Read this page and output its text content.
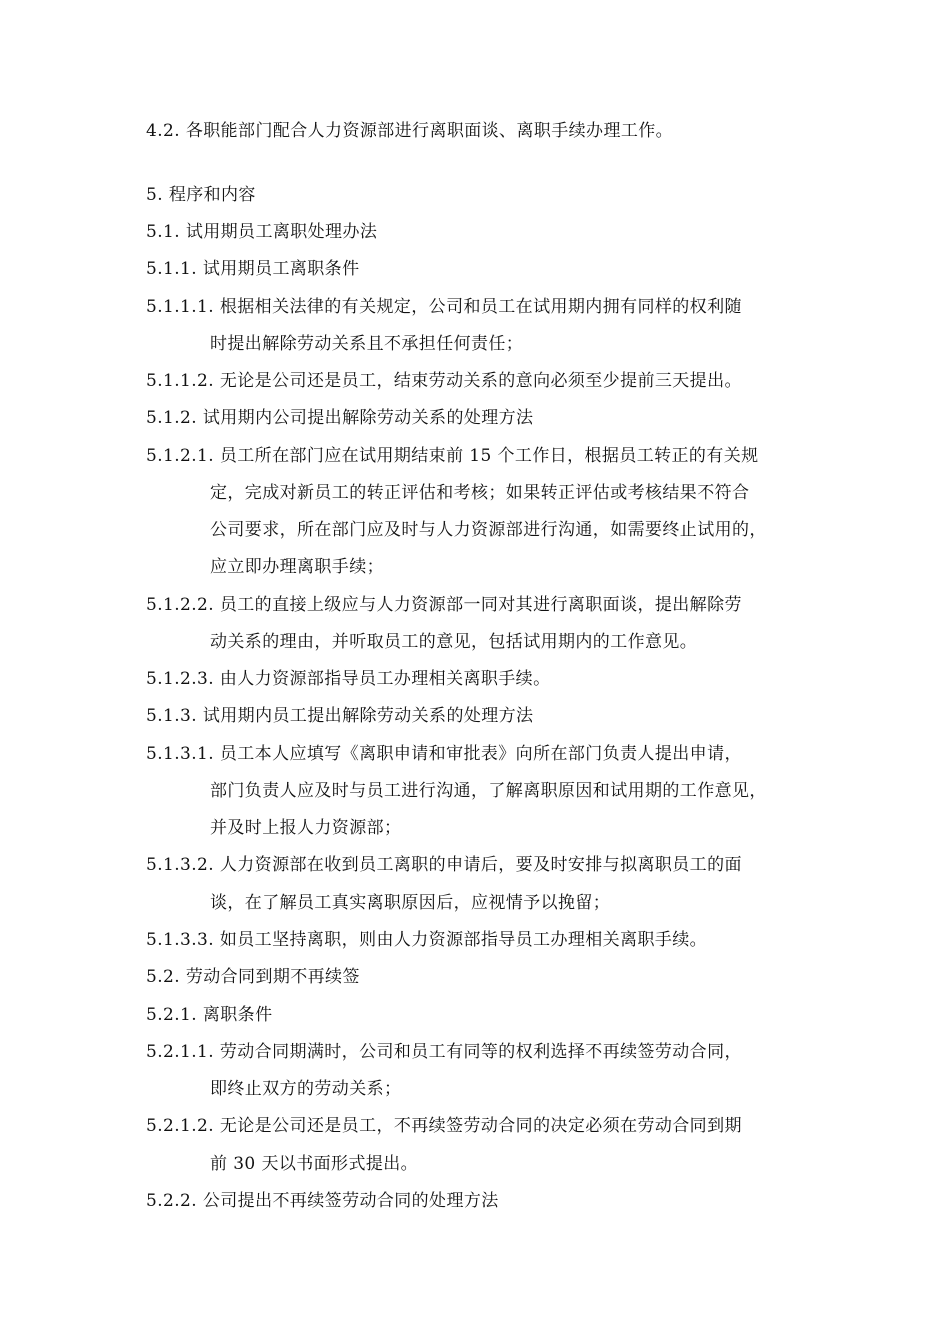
4.2. 各职能部门配合人力资源部进行离职面谈、离职手续办理工作。
5. 程序和内容
5.1. 试用期员工离职处理办法
5.1.1. 试用期员工离职条件
5.1.1.1. 根据相关法律的有关规定，公司和员工在试用期内拥有同样的权利随
时提出解除劳动关系且不承担任何责任；
5.1.1.2. 无论是公司还是员工，结束劳动关系的意向必须至少提前三天提出。
5.1.2. 试用期内公司提出解除劳动关系的处理方法
5.1.2.1. 员工所在部门应在试用期结束前 15 个工作日，根据员工转正的有关规
定，完成对新员工的转正评估和考核；如果转正评估或考核结果不符合
公司要求，所在部门应及时与人力资源部进行沟通，如需要终止试用的，
应立即办理离职手续；
5.1.2.2. 员工的直接上级应与人力资源部一同对其进行离职面谈，提出解除劳
动关系的理由，并听取员工的意见，包括试用期内的工作意见。
5.1.2.3. 由人力资源部指导员工办理相关离职手续。
5.1.3. 试用期内员工提出解除劳动关系的处理方法
5.1.3.1. 员工本人应填写《离职申请和审批表》向所在部门负责人提出申请，
部门负责人应及时与员工进行沟通，了解离职原因和试用期的工作意见，
并及时上报人力资源部；
5.1.3.2. 人力资源部在收到员工离职的申请后，要及时安排与拟离职员工的面
谈，在了解员工真实离职原因后，应视情予以挽留；
5.1.3.3. 如员工坚持离职，则由人力资源部指导员工办理相关离职手续。
5.2. 劳动合同到期不再续签
5.2.1. 离职条件
5.2.1.1. 劳动合同期满时，公司和员工有同等的权利选择不再续签劳动合同，
即终止双方的劳动关系；
5.2.1.2. 无论是公司还是员工，不再续签劳动合同的决定必须在劳动合同到期
前 30 天以书面形式提出。
5.2.2. 公司提出不再续签劳动合同的处理方法
